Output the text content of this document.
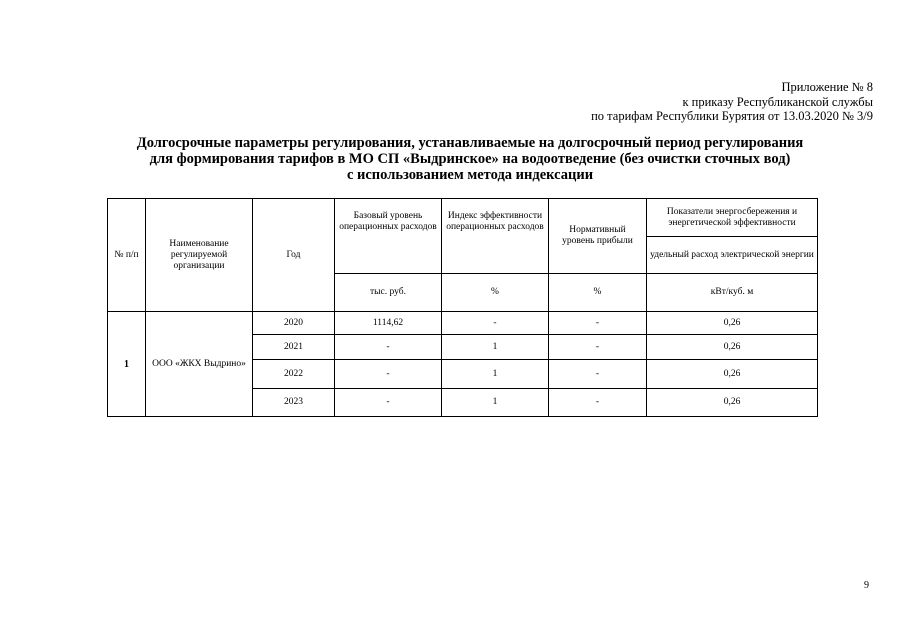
Приложение № 8
к приказу Республиканской службы
по тарифам Республики Бурятия от 13.03.2020 № 3/9
Долгосрочные параметры регулирования, устанавливаемые на долгосрочный период регулирования
для формирования тарифов в МО СП «Выдринское» на водоотведение (без очистки сточных вод)
с использованием метода индексации
№ п/п	Наименование регулируемой организации	Год	Базовый уровень операционных расходов	Индекс эффективности операционных расходов	Нормативный уровень прибыли	Показатели энергосбережения и энергетической эффективности
						удельный расход электрической энергии
			тыс. руб.	%	%	кВт/куб. м
1	ООО «ЖКХ Выдрино»	2020	1114,62	-	-	0,26
		2021	-	1	-	0,26
		2022	-	1	-	0,26
		2023	-	1	-	0,26
9
